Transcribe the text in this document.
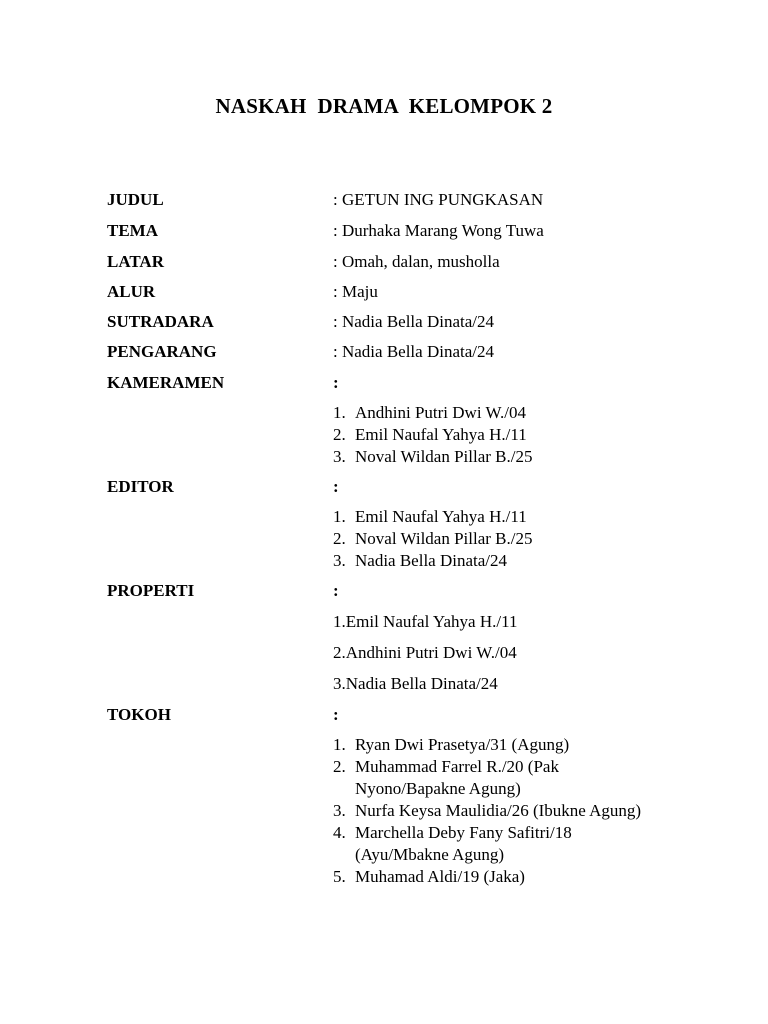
NASKAH  DRAMA  KELOMPOK 2
JUDUL	: GETUN ING PUNGKASAN
TEMA	: Durhaka Marang Wong Tuwa
LATAR	: Omah, dalan, musholla
ALUR	: Maju
SUTRADARA	: Nadia Bella Dinata/24
PENGARANG	: Nadia Bella Dinata/24
KAMERAMEN	:
1. Andhini Putri Dwi W./04
2. Emil Naufal Yahya H./11
3. Noval Wildan Pillar B./25
EDITOR	:
1. Emil Naufal Yahya H./11
2. Noval Wildan Pillar B./25
3. Nadia Bella Dinata/24
PROPERTI	:
1.Emil Naufal Yahya H./11
2.Andhini Putri Dwi W./04
3.Nadia Bella Dinata/24
TOKOH	:
1. Ryan Dwi Prasetya/31 (Agung)
2. Muhammad Farrel R./20 (Pak Nyono/Bapakne Agung)
3. Nurfa Keysa Maulidia/26 (Ibukne Agung)
4. Marchella Deby Fany Safitri/18 (Ayu/Mbakne Agung)
5. Muhamad Aldi/19 (Jaka)
